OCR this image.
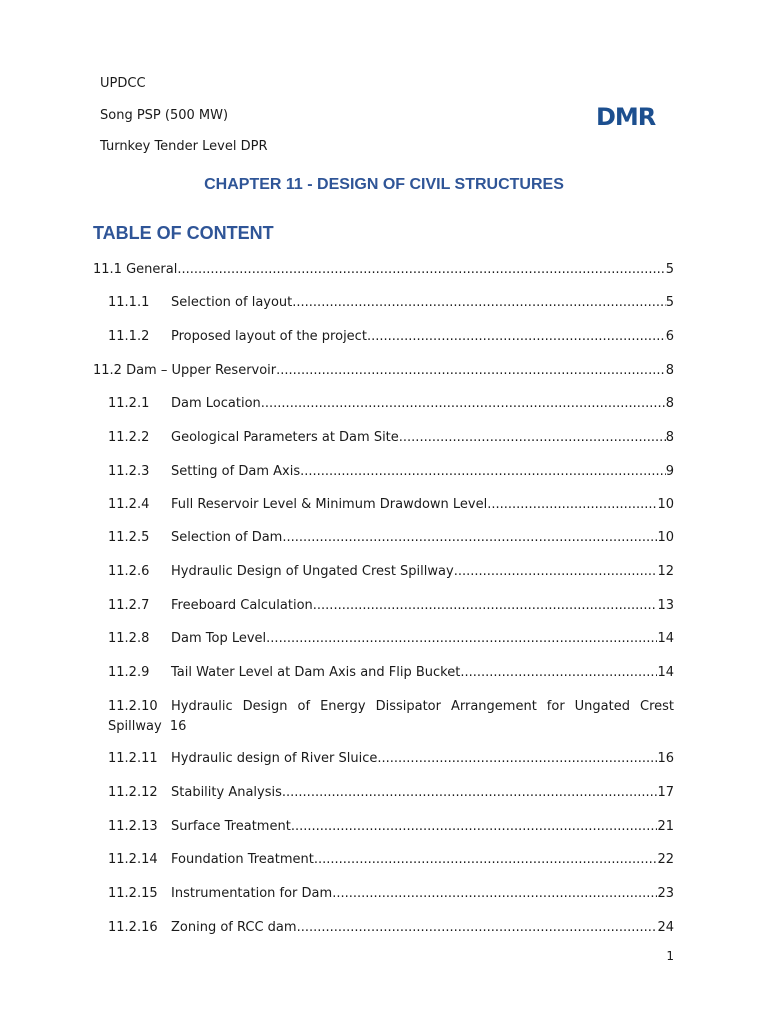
UPDCC
Song PSP (500 MW)
Turnkey Tender Level DPR
DMR
CHAPTER 11 - DESIGN OF CIVIL STRUCTURES
TABLE OF CONTENT
11.1 General .....	5
11.1.1	Selection of layout .....	5
11.1.2	Proposed layout of the project .....	6
11.2 Dam – Upper Reservoir .....	8
11.2.1	Dam Location .....	8
11.2.2	Geological Parameters at Dam Site .....	8
11.2.3	Setting of Dam Axis .....	9
11.2.4	Full Reservoir Level & Minimum Drawdown Level .....	10
11.2.5	Selection of Dam .....	10
11.2.6	Hydraulic Design of Ungated Crest Spillway .....	12
11.2.7	Freeboard Calculation .....	13
11.2.8	Dam Top Level .....	14
11.2.9	Tail Water Level at Dam Axis and Flip Bucket .....	14
11.2.10 Hydraulic Design of Energy Dissipator Arrangement for Ungated Crest Spillway 16
11.2.11	Hydraulic design of River Sluice .....	16
11.2.12	Stability Analysis .....	17
11.2.13	Surface Treatment .....	21
11.2.14	Foundation Treatment .....	22
11.2.15	Instrumentation for Dam .....	23
11.2.16	Zoning of RCC dam .....	24
1
